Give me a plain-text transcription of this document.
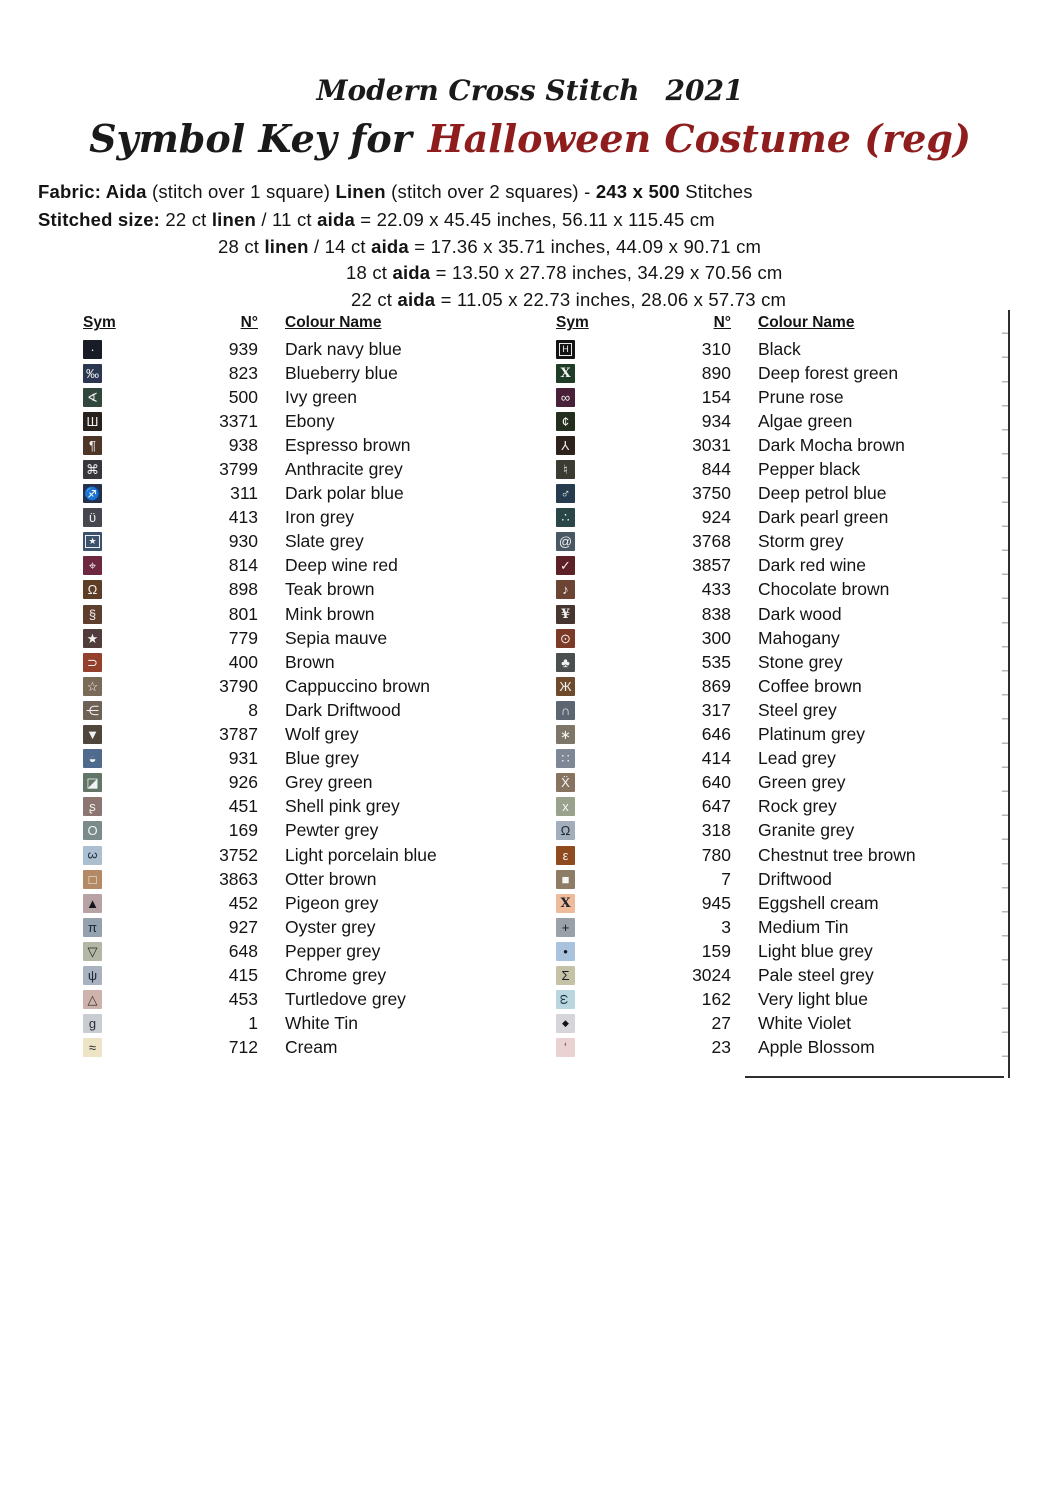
Modern Cross Stitch 2021
Symbol Key for Halloween Costume (reg)
Fabric: Aida (stitch over 1 square) Linen (stitch over 2 squares) - 243 x 500 Stitches
Stitched size: 22 ct linen / 11 ct aida = 22.09 x 45.45 inches, 56.11 x 115.45 cm
28 ct linen / 14 ct aida = 17.36 x 35.71 inches, 44.09 x 90.71 cm
18 ct aida = 13.50 x 27.78 inches, 34.29 x 70.56 cm
22 ct aida = 11.05 x 22.73 inches, 28.06 x 57.73 cm
Sym	N°	Colour Name
·	939	Dark navy blue
‰	823	Blueberry blue
∢	500	Ivy green
Ш	3371	Ebony
¶	938	Espresso brown
⌘	3799	Anthracite grey
♐	311	Dark polar blue
ϋ	413	Iron grey
★	930	Slate grey
⌖	814	Deep wine red
Ω	898	Teak brown
§	801	Mink brown
★	779	Sepia mauve
⊃	400	Brown
☆	3790	Cappuccino brown
⋲	8	Dark Driftwood
▼	3787	Wolf grey
◒	931	Blue grey
◪	926	Grey green
ʂ	451	Shell pink grey
O	169	Pewter grey
3	3752	Light porcelain blue
□	3863	Otter brown
▲	452	Pigeon grey
π	927	Oyster grey
▽	648	Pepper grey
ψ	415	Chrome grey
△	453	Turtledove grey
g	1	White Tin
≈	712	Cream
Sym	N°	Colour Name
H	310	Black
X	890	Deep forest green
∞	154	Prune rose
¢	934	Algae green
Y	3031	Dark Mocha brown
♮	844	Pepper black
♂	3750	Deep petrol blue
∴	924	Dark pearl green
@	3768	Storm grey
✓	3857	Dark red wine
♪	433	Chocolate brown
¥	838	Dark wood
⊙	300	Mahogany
♣	535	Stone grey
Ж	869	Coffee brown
∩	317	Steel grey
∗	646	Platinum grey
∷	414	Lead grey
Ẍ	640	Green grey
x	647	Rock grey
Ω	318	Granite grey
ε	780	Chestnut tree brown
■	7	Driftwood
X	945	Eggshell cream
+	3	Medium Tin
•	159	Light blue grey
Σ	3024	Pale steel grey
ω	162	Very light blue
◆	27	White Violet
ʻ	23	Apple Blossom
